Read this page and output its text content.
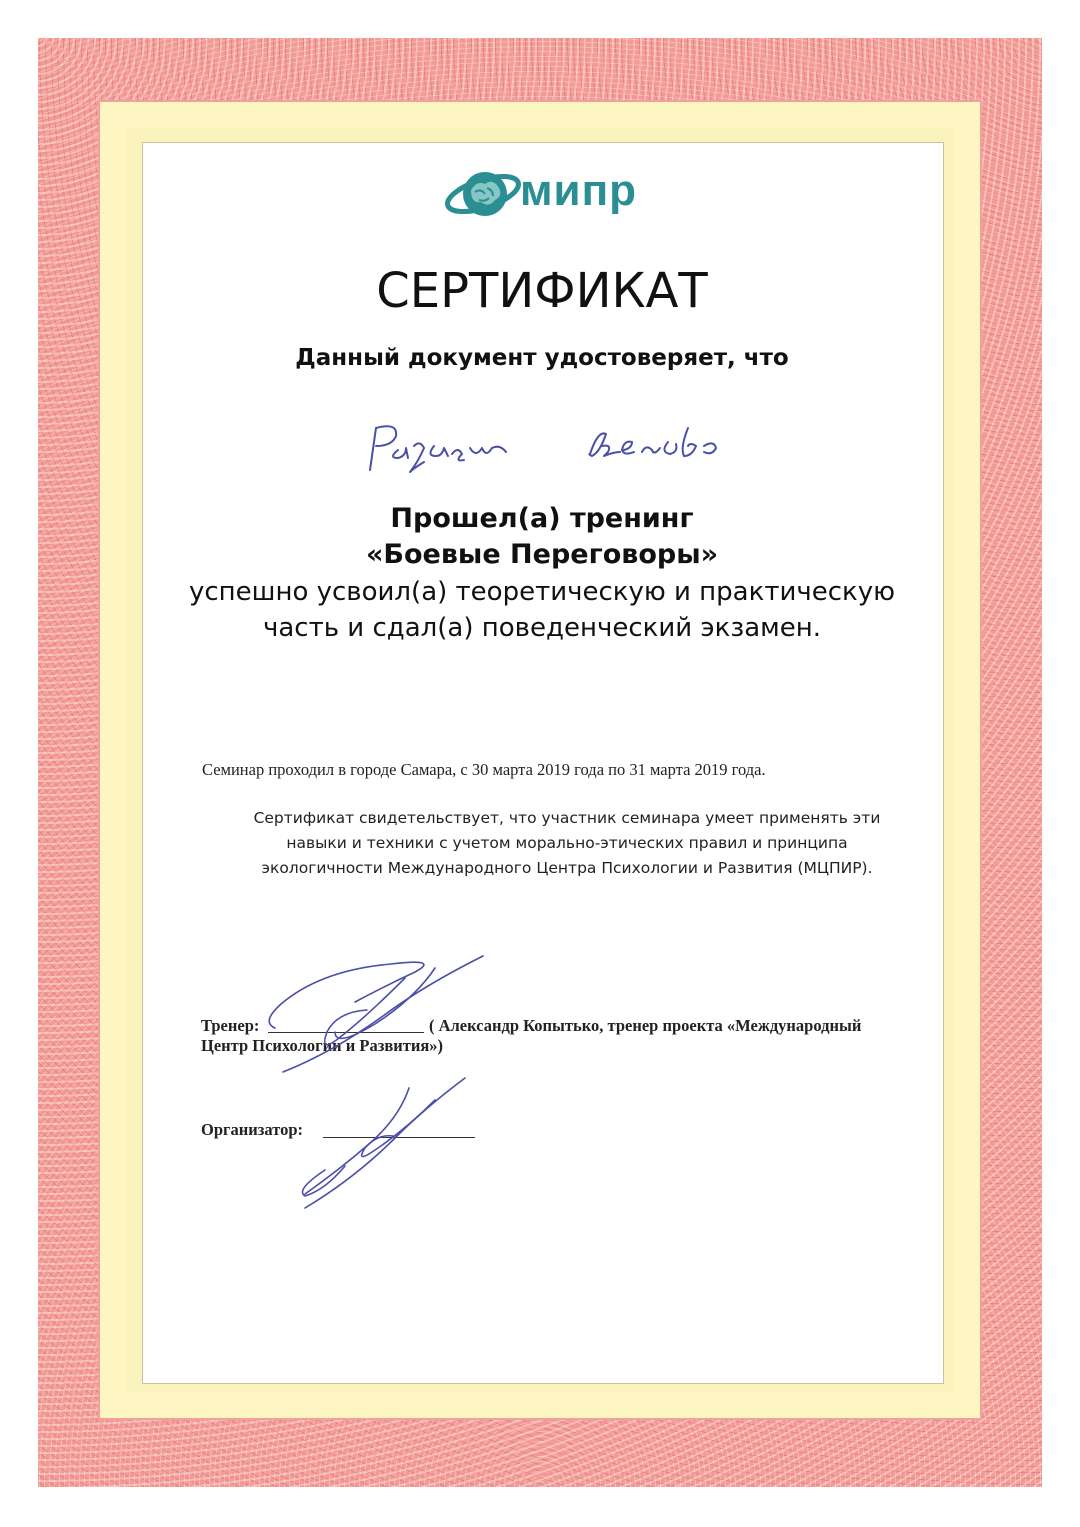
мипр
СЕРТИФИКАТ
Данный документ удостоверяет, что
Прошел(а) тренинг
«Боевые Переговоры»
успешно усвоил(а) теоретическую и практическую
часть и сдал(а) поведенческий экзамен.
Семинар проходил в городе Самара, с 30 марта 2019 года по 31 марта 2019 года.
Сертификат свидетельствует, что участник семинара умеет применять эти
навыки и техники с учетом морально-этических правил и принципа
экологичности Международного Центра Психологии и Развития (МЦПИР).
Тренер:	( Александр Копытько, тренер проекта «Международный
Центр Психологии и Развития»)
Организатор:
